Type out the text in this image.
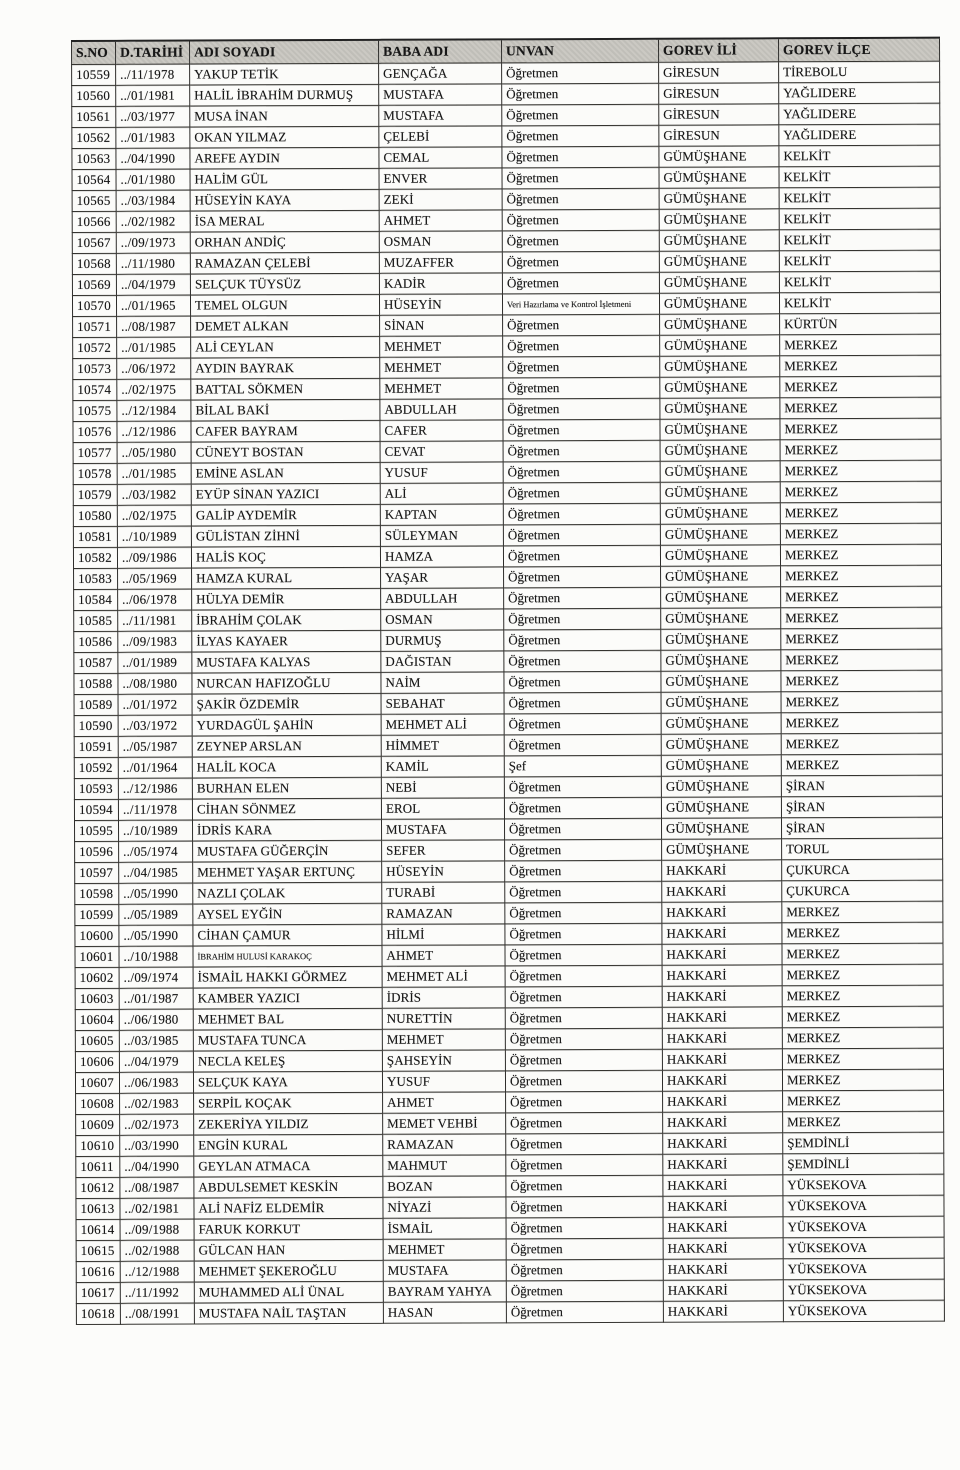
S.NO	D.TARİHİ	ADI SOYADI	BABA ADI	UNVAN	GOREV İLİ	GOREV İLÇE
10559	../11/1978	YAKUP TETİK	GENÇAĞA	Öğretmen	GİRESUN	TİREBOLU
10560	../01/1981	HALİL İBRAHİM DURMUŞ	MUSTAFA	Öğretmen	GİRESUN	YAĞLIDERE
10561	../03/1977	MUSA İNAN	MUSTAFA	Öğretmen	GİRESUN	YAĞLIDERE
10562	../01/1983	OKAN YILMAZ	ÇELEBİ	Öğretmen	GİRESUN	YAĞLIDERE
10563	../04/1990	AREFE AYDIN	CEMAL	Öğretmen	GÜMÜŞHANE	KELKİT
10564	../01/1980	HALİM GÜL	ENVER	Öğretmen	GÜMÜŞHANE	KELKİT
10565	../03/1984	HÜSEYİN KAYA	ZEKİ	Öğretmen	GÜMÜŞHANE	KELKİT
10566	../02/1982	İSA MERAL	AHMET	Öğretmen	GÜMÜŞHANE	KELKİT
10567	../09/1973	ORHAN ANDİÇ	OSMAN	Öğretmen	GÜMÜŞHANE	KELKİT
10568	../11/1980	RAMAZAN ÇELEBİ	MUZAFFER	Öğretmen	GÜMÜŞHANE	KELKİT
10569	../04/1979	SELÇUK TÜYSÜZ	KADİR	Öğretmen	GÜMÜŞHANE	KELKİT
10570	../01/1965	TEMEL OLGUN	HÜSEYİN	Veri Hazırlama ve Kontrol İşletmeni	GÜMÜŞHANE	KELKİT
10571	../08/1987	DEMET ALKAN	SİNAN	Öğretmen	GÜMÜŞHANE	KÜRTÜN
10572	../01/1985	ALİ CEYLAN	MEHMET	Öğretmen	GÜMÜŞHANE	MERKEZ
10573	../06/1972	AYDIN BAYRAK	MEHMET	Öğretmen	GÜMÜŞHANE	MERKEZ
10574	../02/1975	BATTAL SÖKMEN	MEHMET	Öğretmen	GÜMÜŞHANE	MERKEZ
10575	../12/1984	BİLAL BAKİ	ABDULLAH	Öğretmen	GÜMÜŞHANE	MERKEZ
10576	../12/1986	CAFER BAYRAM	CAFER	Öğretmen	GÜMÜŞHANE	MERKEZ
10577	../05/1980	CÜNEYT BOSTAN	CEVAT	Öğretmen	GÜMÜŞHANE	MERKEZ
10578	../01/1985	EMİNE ASLAN	YUSUF	Öğretmen	GÜMÜŞHANE	MERKEZ
10579	../03/1982	EYÜP SİNAN YAZICI	ALİ	Öğretmen	GÜMÜŞHANE	MERKEZ
10580	../02/1975	GALİP AYDEMİR	KAPTAN	Öğretmen	GÜMÜŞHANE	MERKEZ
10581	../10/1989	GÜLİSTAN ZİHNİ	SÜLEYMAN	Öğretmen	GÜMÜŞHANE	MERKEZ
10582	../09/1986	HALİS KOÇ	HAMZA	Öğretmen	GÜMÜŞHANE	MERKEZ
10583	../05/1969	HAMZA KURAL	YAŞAR	Öğretmen	GÜMÜŞHANE	MERKEZ
10584	../06/1978	HÜLYA DEMİR	ABDULLAH	Öğretmen	GÜMÜŞHANE	MERKEZ
10585	../11/1981	İBRAHİM ÇOLAK	OSMAN	Öğretmen	GÜMÜŞHANE	MERKEZ
10586	../09/1983	İLYAS KAYAER	DURMUŞ	Öğretmen	GÜMÜŞHANE	MERKEZ
10587	../01/1989	MUSTAFA KALYAS	DAĞISTAN	Öğretmen	GÜMÜŞHANE	MERKEZ
10588	../08/1980	NURCAN HAFIZOĞLU	NAİM	Öğretmen	GÜMÜŞHANE	MERKEZ
10589	../01/1972	ŞAKİR ÖZDEMİR	SEBAHAT	Öğretmen	GÜMÜŞHANE	MERKEZ
10590	../03/1972	YURDAGÜL ŞAHİN	MEHMET ALİ	Öğretmen	GÜMÜŞHANE	MERKEZ
10591	../05/1987	ZEYNEP ARSLAN	HİMMET	Öğretmen	GÜMÜŞHANE	MERKEZ
10592	../01/1964	HALİL KOCA	KAMİL	Şef	GÜMÜŞHANE	MERKEZ
10593	../12/1986	BURHAN ELEN	NEBİ	Öğretmen	GÜMÜŞHANE	ŞİRAN
10594	../11/1978	CİHAN SÖNMEZ	EROL	Öğretmen	GÜMÜŞHANE	ŞİRAN
10595	../10/1989	İDRİS KARA	MUSTAFA	Öğretmen	GÜMÜŞHANE	ŞİRAN
10596	../05/1974	MUSTAFA GÜĞERÇİN	SEFER	Öğretmen	GÜMÜŞHANE	TORUL
10597	../04/1985	MEHMET YAŞAR ERTUNÇ	HÜSEYİN	Öğretmen	HAKKARİ	ÇUKURCA
10598	../05/1990	NAZLI ÇOLAK	TURABİ	Öğretmen	HAKKARİ	ÇUKURCA
10599	../05/1989	AYSEL EYĞİN	RAMAZAN	Öğretmen	HAKKARİ	MERKEZ
10600	../05/1990	CİHAN ÇAMUR	HİLMİ	Öğretmen	HAKKARİ	MERKEZ
10601	../10/1988	İBRAHİM HULUSİ KARAKOÇ	AHMET	Öğretmen	HAKKARİ	MERKEZ
10602	../09/1974	İSMAİL HAKKI GÖRMEZ	MEHMET ALİ	Öğretmen	HAKKARİ	MERKEZ
10603	../01/1987	KAMBER YAZICI	İDRİS	Öğretmen	HAKKARİ	MERKEZ
10604	../06/1980	MEHMET BAL	NURETTİN	Öğretmen	HAKKARİ	MERKEZ
10605	../03/1985	MUSTAFA TUNCA	MEHMET	Öğretmen	HAKKARİ	MERKEZ
10606	../04/1979	NECLA KELEŞ	ŞAHSEYİN	Öğretmen	HAKKARİ	MERKEZ
10607	../06/1983	SELÇUK KAYA	YUSUF	Öğretmen	HAKKARİ	MERKEZ
10608	../02/1983	SERPİL KOÇAK	AHMET	Öğretmen	HAKKARİ	MERKEZ
10609	../02/1973	ZEKERİYA YILDIZ	MEMET VEHBİ	Öğretmen	HAKKARİ	MERKEZ
10610	../03/1990	ENGİN KURAL	RAMAZAN	Öğretmen	HAKKARİ	ŞEMDİNLİ
10611	../04/1990	GEYLAN ATMACA	MAHMUT	Öğretmen	HAKKARİ	ŞEMDİNLİ
10612	../08/1987	ABDULSEMET KESKİN	BOZAN	Öğretmen	HAKKARİ	YÜKSEKOVA
10613	../02/1981	ALİ NAFİZ ELDEMİR	NİYAZİ	Öğretmen	HAKKARİ	YÜKSEKOVA
10614	../09/1988	FARUK KORKUT	İSMAİL	Öğretmen	HAKKARİ	YÜKSEKOVA
10615	../02/1988	GÜLCAN HAN	MEHMET	Öğretmen	HAKKARİ	YÜKSEKOVA
10616	../12/1988	MEHMET ŞEKEROĞLU	MUSTAFA	Öğretmen	HAKKARİ	YÜKSEKOVA
10617	../11/1992	MUHAMMED ALİ ÜNAL	BAYRAM YAHYA	Öğretmen	HAKKARİ	YÜKSEKOVA
10618	../08/1991	MUSTAFA NAİL TAŞTAN	HASAN	Öğretmen	HAKKARİ	YÜKSEKOVA
